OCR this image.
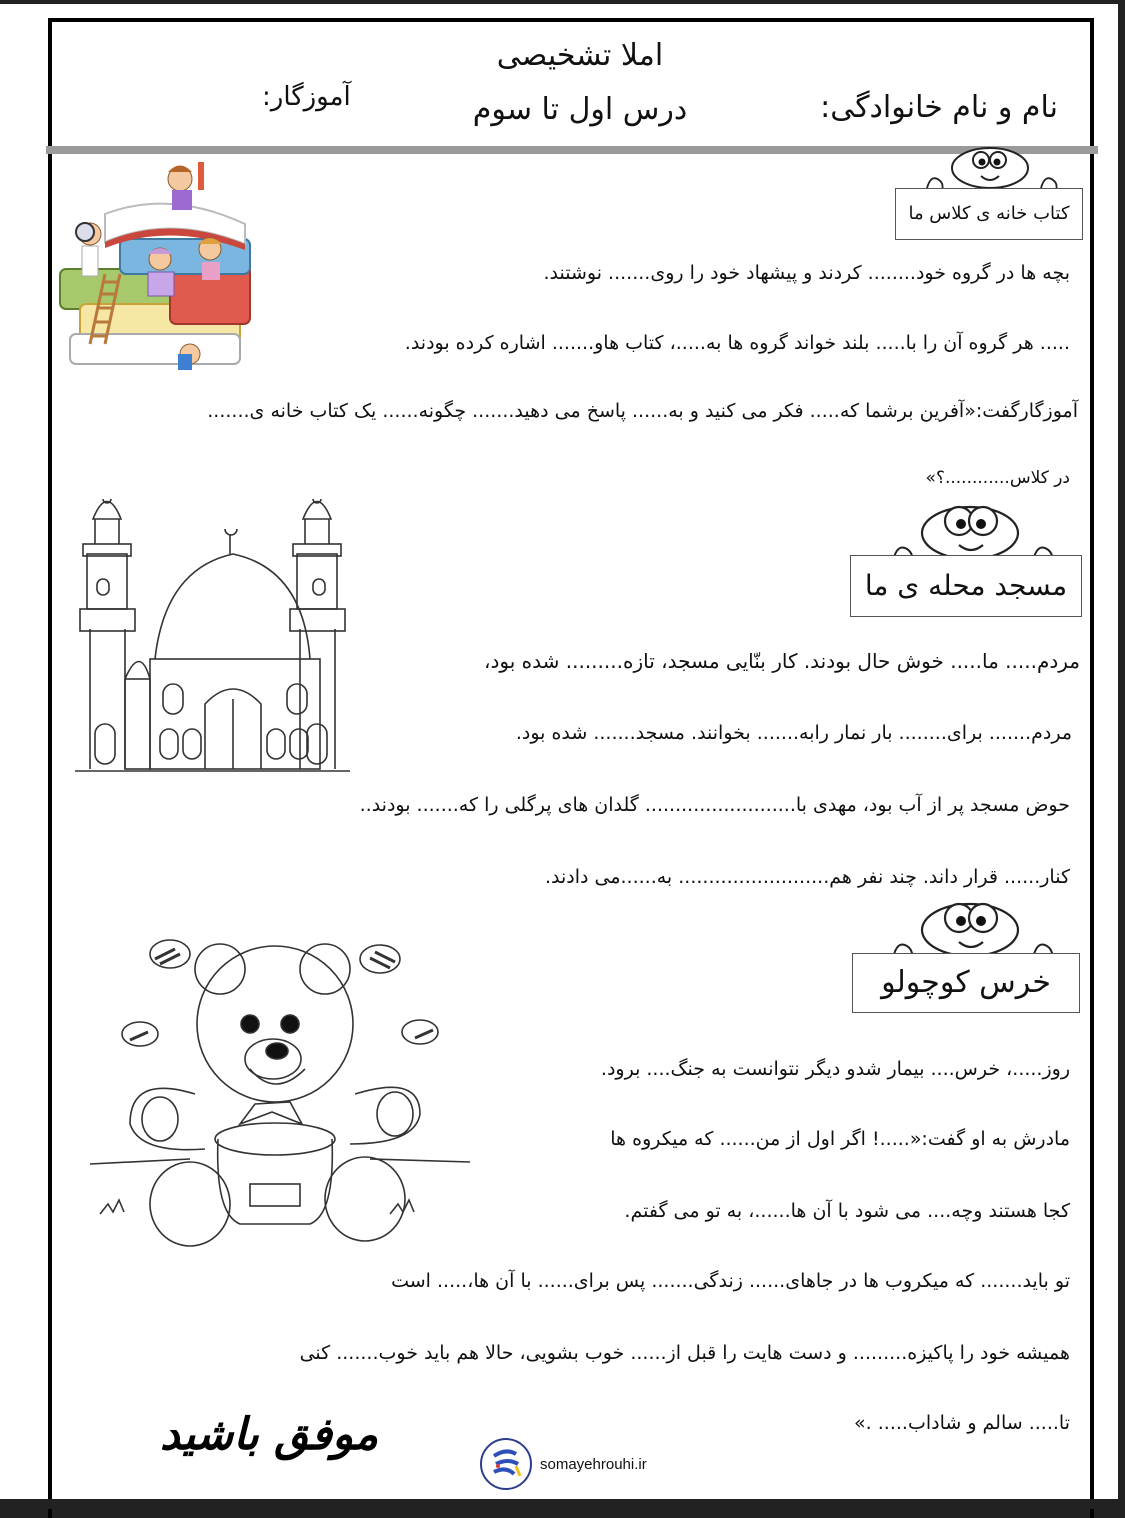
املا تشخیصی
درس اول تا سوم	نام و نام خانوادگی:
آموزگار:
کتاب خانه ی کلاس ما
بچه ها در گروه خود........ کردند و پیشهاد خود را روی....... نوشتند.
..... هر گروه آن را با..... بلند خواند گروه ها به.....، کتاب هاو....... اشاره کرده بودند.
آموزگارگفت:«آفرین برشما که..... فکر می کنید و به...... پاسخ می دهید....... چگونه...... یک کتاب خانه ی.......
در کلاس............؟»
مسجد محله ی ما
مردم..... ما..... خوش حال بودند. کار بنّایی مسجد، تازه......... شده بود،
مردم....... برای........ بار نمار رابه....... بخوانند. مسجد....... شده بود.
حوض مسجد پر از آب بود، مهدی با......................... گلدان های پرگلی را که....... بودند..
کنار...... قرار داند. چند نفر هم......................... به......می دادند.
خرس کوچولو
روز.....، خرس.... بیمار شدو دیگر نتوانست به جنگ.... برود.
مادرش به او گفت:«.....! اگر اول از من...... که میکروه ها
کجا هستند وچه.... می شود با آن ها......، به تو می گفتم.
تو باید....... که میکروب ها در جاهای...... زندگی....... پس برای...... با آن ها،..... است
همیشه خود را پاکیزه......... و دست هایت را قبل از...... خوب بشویی، حالا هم باید خوب....... کنی
تا..... سالم و شاداب..... .»
موفق باشید
somayehrouhi.ir
